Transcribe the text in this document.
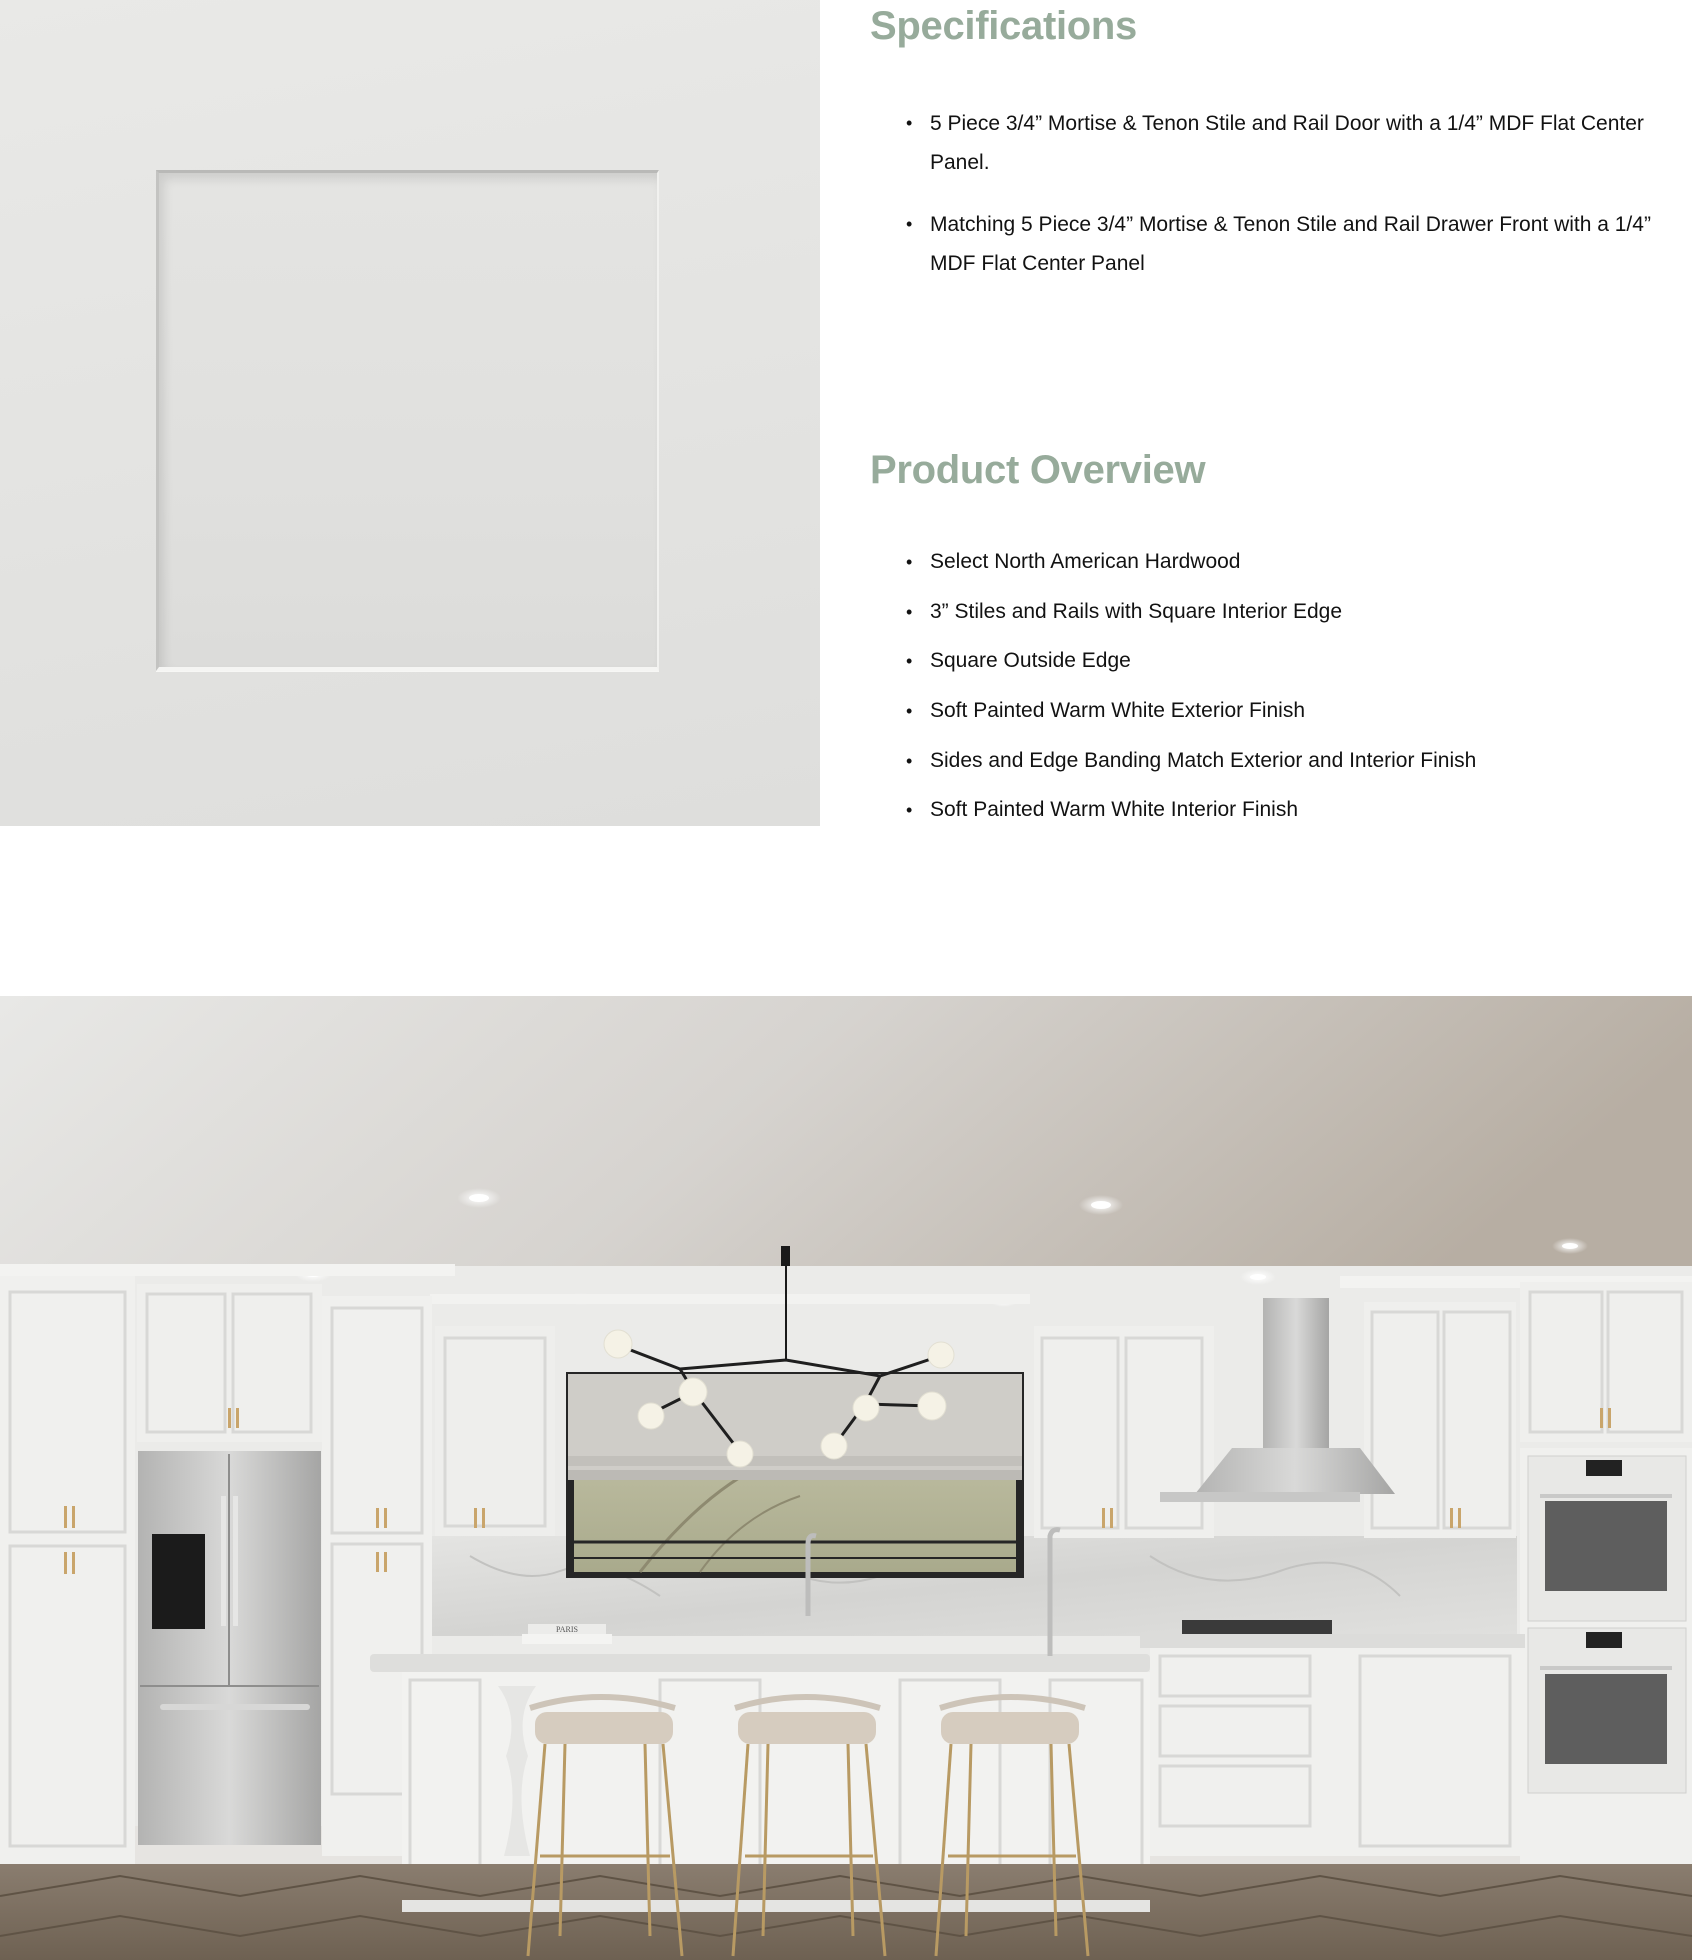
Specifications
• 5 Piece 3/4” Mortise & Tenon Stile and Rail Door with a 1/4” MDF Flat Center Panel.
• Matching 5 Piece 3/4” Mortise & Tenon Stile and Rail Drawer Front with a 1/4” MDF Flat Center Panel
Product Overview
• Select North American Hardwood
• 3” Stiles and Rails with Square Interior Edge
• Square Outside Edge
• Soft Painted Warm White Exterior Finish
• Sides and Edge Banding Match Exterior and Interior Finish
• Soft Painted Warm White Interior Finish
PARIS
